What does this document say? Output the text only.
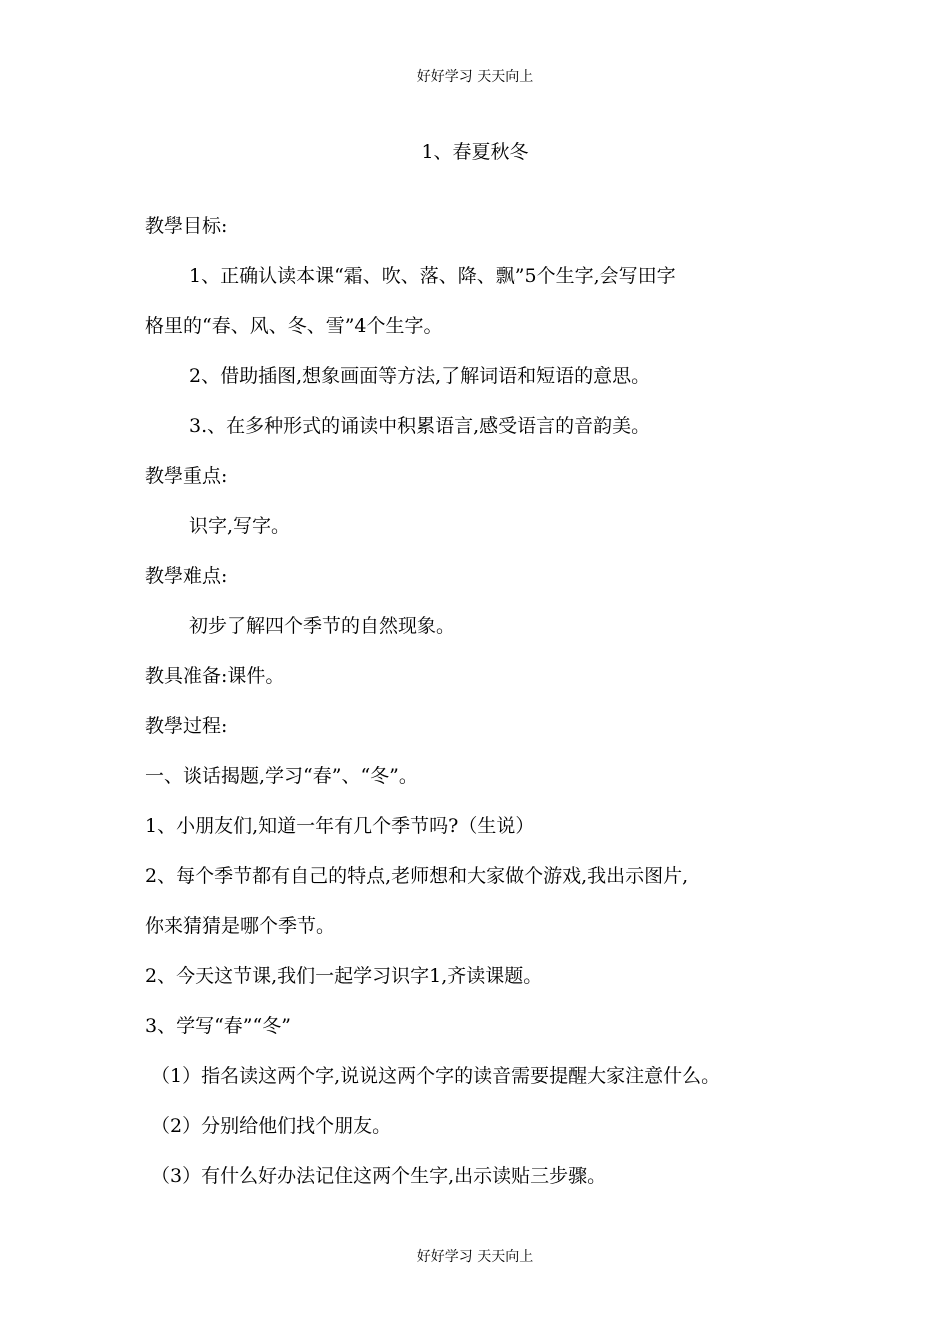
好好学习 天天向上
1、春夏秋冬
教學目标:
1、正确认读本课“霜、吹、落、降、飘”5个生字,会写田字
格里的“春、风、冬、雪”4个生字。
2、借助插图,想象画面等方法,了解词语和短语的意思。
3.、在多种形式的诵读中积累语言,感受语言的音韵美。
教學重点:
识字,写字。
教學难点:
初步了解四个季节的自然现象。
教具准备:课件。
教學过程:
一、谈话揭题,学习“春”、“冬”。
1、小朋友们,知道一年有几个季节吗?（生说）
2、每个季节都有自己的特点,老师想和大家做个游戏,我出示图片,
你来猜猜是哪个季节。
2、今天这节课,我们一起学习识字1,齐读课题。
3、学写“春”“冬”
（1）指名读这两个字,说说这两个字的读音需要提醒大家注意什么。
（2）分别给他们找个朋友。
（3）有什么好办法记住这两个生字,出示读贴三步骤。
好好学习 天天向上
